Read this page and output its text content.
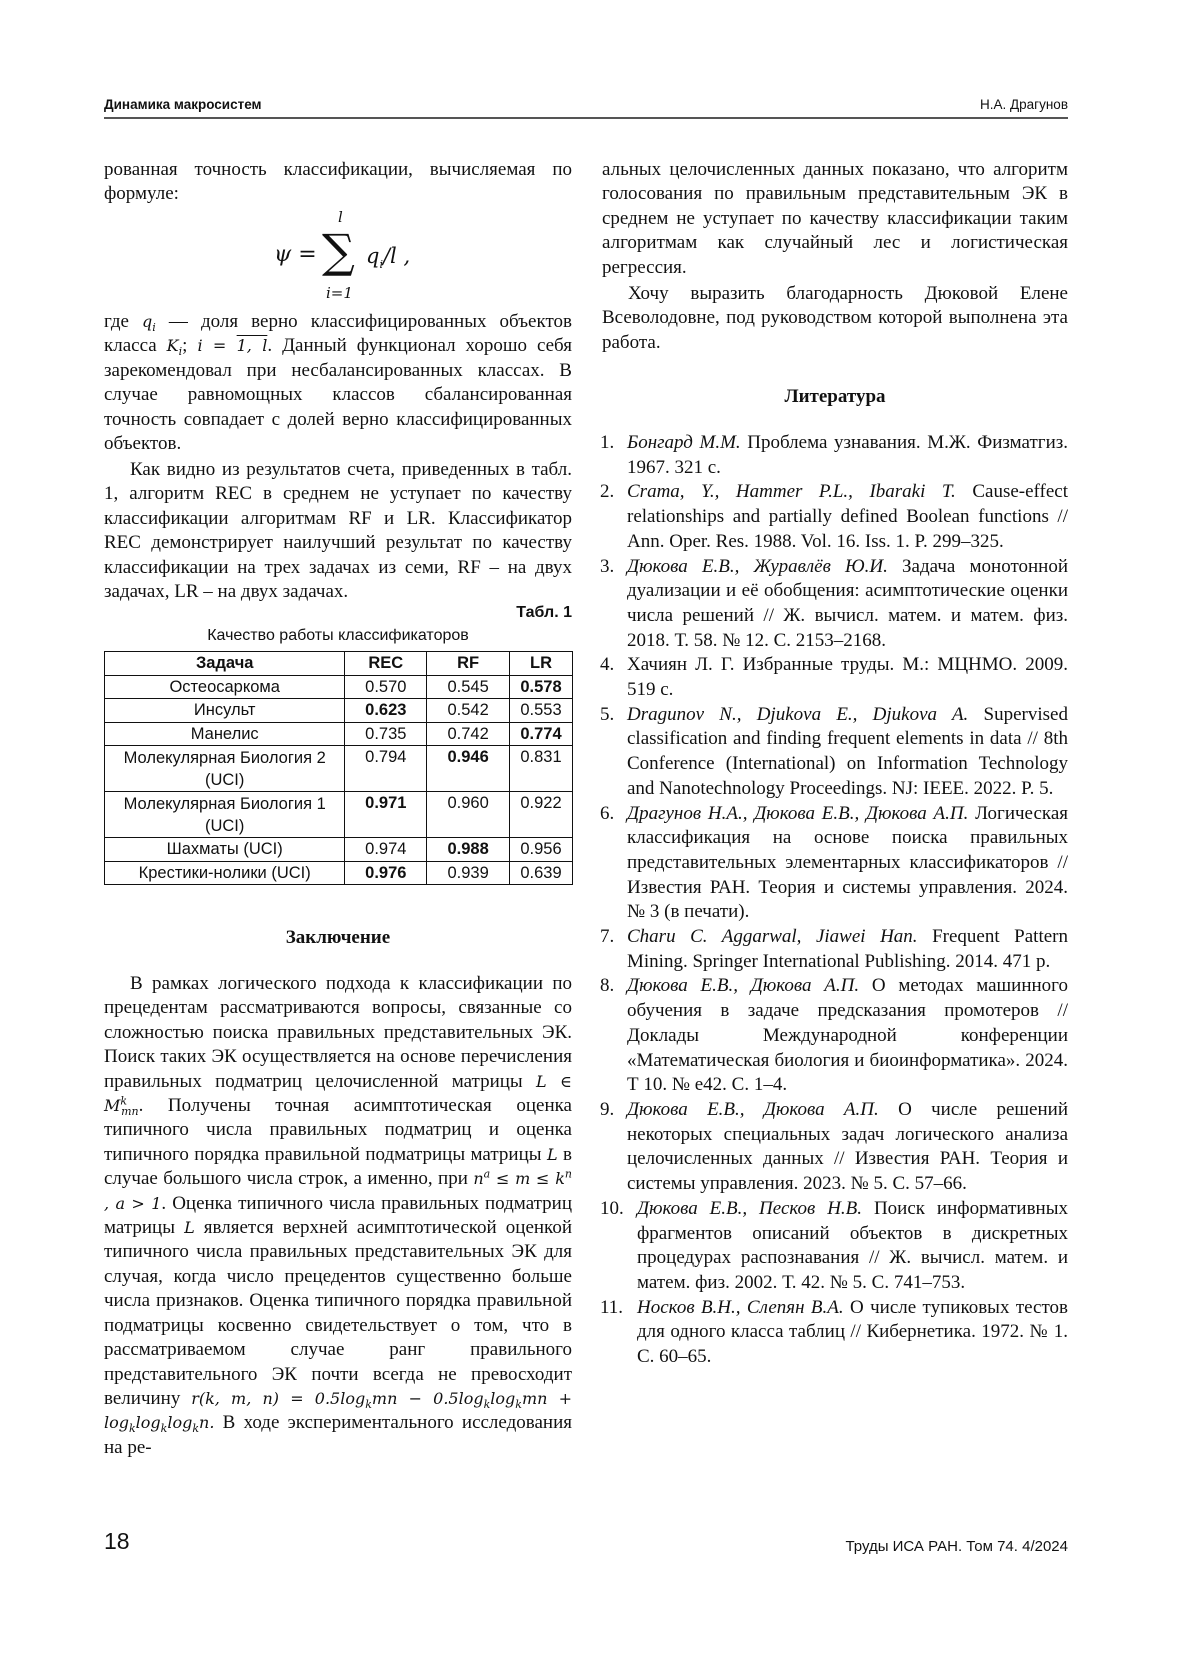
Динамика макросистем	Н.А. Драгунов

рованная точность классификации, вычисляемая по формуле:

ψ =
l
∑
i=1
qi/l ,

где qi — доля верно классифицированных объектов класса Ki; i = 1, l. Данный функционал хорошо себя зарекомендовал при несбалансированных классах. В случае равномощных классов сбалансированная точность совпадает с долей верно классифицированных объектов.

Как видно из результатов счета, приведенных в табл. 1, алгоритм REC в среднем не уступает по качеству классификации алгоритмам RF и LR. Классификатор REC демонстрирует наилучший результат по качеству классификации на трех задачах из семи, RF – на двух задачах, LR – на двух задачах.

Табл. 1
Качество работы классификаторов
Задача	REC	RF	LR
Остеосаркома	0.570	0.545	0.578
Инсульт	0.623	0.542	0.553
Манелис	0.735	0.742	0.774
Молекулярная Биология 2 (UCI)	0.794	0.946	0.831
Молекулярная Биология 1 (UCI)	0.971	0.960	0.922
Шахматы (UCI)	0.974	0.988	0.956
Крестики-нолики (UCI)	0.976	0.939	0.639
Заключение

В рамках логического подхода к классификации по прецедентам рассматриваются вопросы, связанные со сложностью поиска правильных представительных ЭК. Поиск таких ЭК осуществляется на основе перечисления правильных подматриц целочисленной матрицы L ∈ Mkmn. Получены точная асимптотическая оценка типичного числа правильных подматриц и оценка типичного порядка правильной подматрицы матрицы L в случае большого числа строк, а именно, при na ≤ m ≤ kn , a > 1. Оценка типичного числа правильных подматриц матрицы L является верхней асимптотической оценкой типичного числа правильных представительных ЭК для случая, когда число прецедентов существенно больше числа признаков. Оценка типичного порядка правильной подматрицы косвенно свидетельствует о том, что в рассматриваемом случае ранг правильного представительного ЭК почти всегда не превосходит величину r(k, m, n) = 0.5logkmn − 0.5logklogkmn + logklogklogkn. В ходе экспериментального исследования на ре-

альных целочисленных данных показано, что алгоритм голосования по правильным представительным ЭК в среднем не уступает по качеству классификации таким алгоритмам как случайный лес и логистическая регрессия.

Хочу выразить благодарность Дюковой Елене Всеволодовне, под руководством которой выполнена эта работа.

Литература
1. Бонгард М.М. Проблема узнавания. М.Ж. Физматгиз. 1967. 321 с.
2. Crama, Y., Hammer P.L., Ibaraki T. Cause-effect relationships and partially defined Boolean functions // Ann. Oper. Res. 1988. Vol. 16. Iss. 1. P. 299–325.
3. Дюкова Е.В., Журавлёв Ю.И. Задача монотонной дуализации и её обобщения: асимптотические оценки числа решений // Ж. вычисл. матем. и матем. физ. 2018. Т. 58. № 12. С. 2153–2168.
4. Хачиян Л. Г. Избранные труды. М.: МЦНМО. 2009. 519 с.
5. Dragunov N., Djukova E., Djukova A. Supervised classification and finding frequent elements in data // 8th Conference (International) on Information Technology and Nanotechnology Proceedings. NJ: IEEE. 2022. P. 5.
6. Драгунов Н.А., Дюкова Е.В., Дюкова А.П. Логическая классификация на основе поиска правильных представительных элементарных классификаторов // Известия РАН. Теория и системы управления. 2024. № 3 (в печати).
7. Charu C. Aggarwal, Jiawei Han. Frequent Pattern Mining. Springer International Publishing. 2014. 471 p.
8. Дюкова Е.В., Дюкова А.П. О методах машинного обучения в задаче предсказания промотеров // Доклады Международной конференции «Математическая биология и биоинформатика». 2024. Т 10. № е42. С. 1–4.
9. Дюкова Е.В., Дюкова А.П. О числе решений некоторых специальных задач логического анализа целочисленных данных // Известия РАН. Теория и системы управления. 2023. № 5. С. 57–66.
10. Дюкова Е.В., Песков Н.В. Поиск информативных фрагментов описаний объектов в дискретных процедурах распознавания // Ж. вычисл. матем. и матем. физ. 2002. Т. 42. № 5. С. 741–753.
11. Носков В.Н., Слепян В.А. О числе тупиковых тестов для одного класса таблиц // Кибернетика. 1972. № 1. С. 60–65.
18	Труды ИСА РАН. Том 74. 4/2024
